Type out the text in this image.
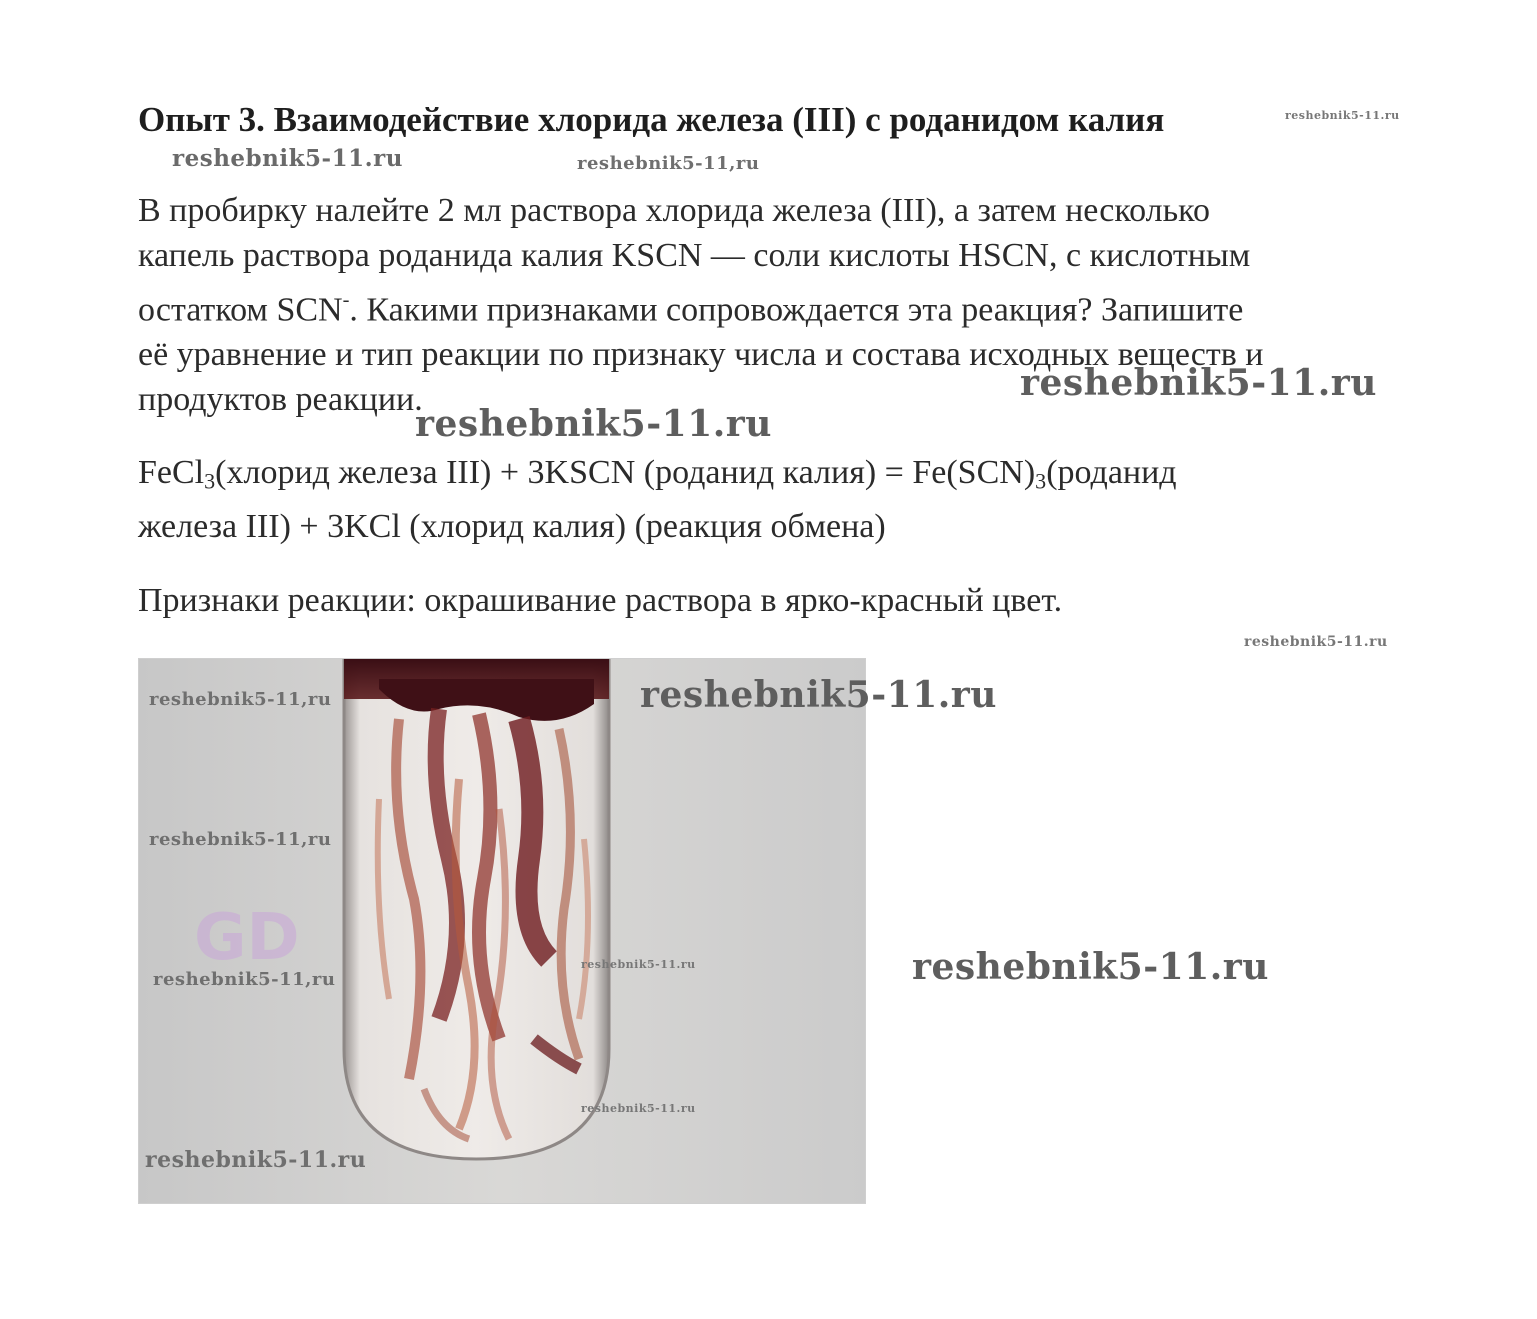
Опыт 3. Взаимодействие хлорида железа (III) с роданидом калия	reshebnik5-11.ru
reshebnik5-11.ru	reshebnik5-11,ru
В пробирку налейте 2 мл раствора хлорида железа (III), а затем несколько
капель раствора роданида калия KSCN — соли кислоты HSCN, с кислотным
остатком SCN-. Какими признаками сопровождается эта реакция? Запишите
её уравнение и тип реакции по признаку числа и состава исходных веществ и
продуктов реакции.	reshebnik5-11.ru
reshebnik5-11.ru
FeCl$_3$(хлорид железа III) + 3KSCN (роданид калия) = $Fe(SCN)_3(роданид$
железа III) + 3KCl (хлорид калия) (реакция обмена)
Признаки реакции: окрашивание раствора в ярко-красный цвет.
reshebnik5-11.ru
GD
reshebnik5-11,ru
reshebnik5-11,ru
reshebnik5-11,ru
reshebnik5-11.ru
reshebnik5-11.ru
reshebnik5-11.ru
reshebnik5-11.ru
reshebnik5-11.ru
